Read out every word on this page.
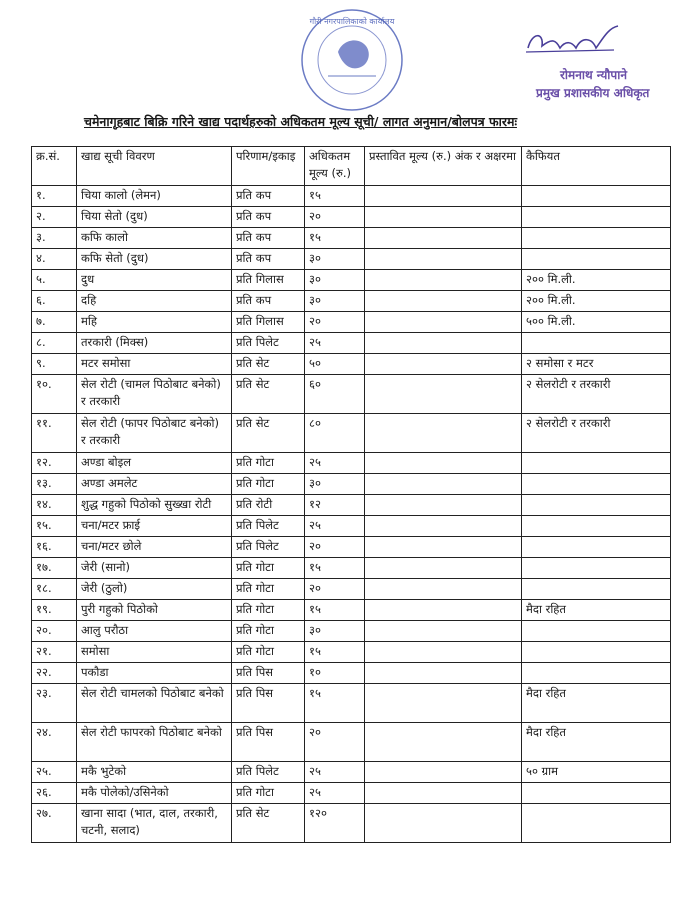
गौरी नगरपालिकाको कार्यालय
रोमनाथ न्यौपाने
प्रमुख प्रशासकीय अधिकृत
चमेनागृहबाट बिक्रि गरिने खाद्य पदार्थहरुको अधिकतम मूल्य सूची/ लागत अनुमान/बोलपत्र फारमः
क्र.सं.	खाद्य सूची विवरण	परिणाम/इकाइ	अधिकतम मूल्य (रु.)	प्रस्तावित मूल्य (रु.) अंक र अक्षरमा	कैफियत
१.	चिया कालो (लेमन)	प्रति कप	१५		
२.	चिया सेतो (दुध)	प्रति कप	२०		
३.	कफि कालो	प्रति कप	१५		
४.	कफि सेतो (दुध)	प्रति कप	३०		
५.	दुध	प्रति गिलास	३०		२०० मि.ली.
६.	दहि	प्रति कप	३०		२०० मि.ली.
७.	महि	प्रति गिलास	२०		५०० मि.ली.
८.	तरकारी (मिक्स)	प्रति पिलेट	२५		
९.	मटर समोसा	प्रति सेट	५०		२ समोसा र मटर
१०.	सेल रोटी (चामल पिठोबाट बनेको) र तरकारी	प्रति सेट	६०		२ सेलरोटी र तरकारी
११.	सेल रोटी (फापर पिठोबाट बनेको) र तरकारी	प्रति सेट	८०		२ सेलरोटी र तरकारी
१२.	अण्डा बोइल	प्रति गोटा	२५		
१३.	अण्डा अमलेट	प्रति गोटा	३०		
१४.	शुद्ध गहुको पिठोको सुख्खा रोटी	प्रति रोटी	१२		
१५.	चना/मटर फ्राई	प्रति पिलेट	२५		
१६.	चना/मटर छोले	प्रति पिलेट	२०		
१७.	जेरी (सानो)	प्रति गोटा	१५		
१८.	जेरी (ठुलो)	प्रति गोटा	२०		
१९.	पुरी गहुको पिठोको	प्रति गोटा	१५		मैदा रहित
२०.	आलु परौठा	प्रति गोटा	३०		
२१.	समोसा	प्रति गोटा	१५		
२२.	पकौडा	प्रति पिस	१०		
२३.	सेल रोटी चामलको पिठोबाट बनेको	प्रति पिस	१५		मैदा रहित
२४.	सेल रोटी फापरको पिठोबाट बनेको	प्रति पिस	२०		मैदा रहित
२५.	मकै भुटेको	प्रति पिलेट	२५		५० ग्राम
२६.	मकै पोलेको/उसिनेको	प्रति गोटा	२५		
२७.	खाना सादा (भात, दाल, तरकारी, चटनी, सलाद)	प्रति सेट	१२०		
